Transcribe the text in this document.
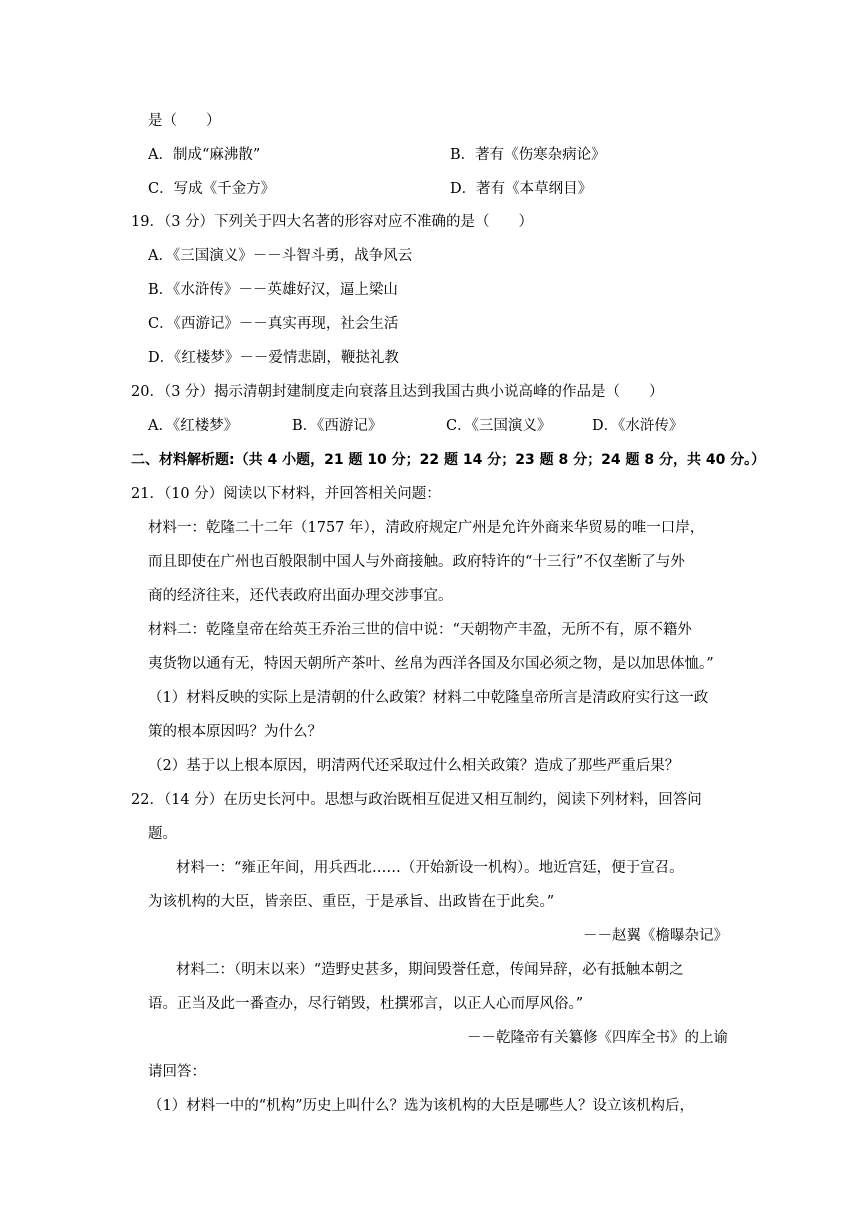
是（　　）
A．制成“麻沸散”	B．著有《伤寒杂病论》
C．写成《千金方》	D．著有《本草纲目》
19．（3 分）下列关于四大名著的形容对应不准确的是（　　）
A．《三国演义》－－斗智斗勇，战争风云
B．《水浒传》－－英雄好汉，逼上梁山
C．《西游记》－－真实再现，社会生活
D．《红楼梦》－－爱情悲剧，鞭挞礼教
20．（3 分）揭示清朝封建制度走向衰落且达到我国古典小说高峰的作品是（　　）
A．《红楼梦》	B．《西游记》	C．《三国演义》	D．《水浒传》
二、材料解析题:（共 4 小题，21 题 10 分；22 题 14 分；23 题 8 分；24 题 8 分，共 40 分。）
21．（10 分）阅读以下材料，并回答相关问题：
材料一：乾隆二十二年（1757 年），清政府规定广州是允许外商来华贸易的唯一口岸，
而且即使在广州也百般限制中国人与外商接触。政府特许的“十三行”不仅垄断了与外
商的经济往来，还代表政府出面办理交涉事宜。
材料二：乾隆皇帝在给英王乔治三世的信中说：“天朝物产丰盈，无所不有，原不籍外
夷货物以通有无，特因天朝所产茶叶、丝帛为西洋各国及尔国必须之物，是以加思体恤。”
（1）材料反映的实际上是清朝的什么政策？材料二中乾隆皇帝所言是清政府实行这一政
策的根本原因吗？为什么？
（2）基于以上根本原因，明清两代还采取过什么相关政策？造成了那些严重后果？
22．（14 分）在历史长河中。思想与政治既相互促进又相互制约，阅读下列材料，回答问
题。
材料一：“雍正年间，用兵西北……（开始新设一机构）。地近宫廷，便于宣召。
为该机构的大臣，皆亲臣、重臣，于是承旨、出政皆在于此矣。”
－－赵翼《檐曝杂记》
材料二：（明末以来）“造野史甚多，期间毁誉任意，传闻异辞，必有抵触本朝之
语。正当及此一番查办，尽行销毁，杜撰邪言，以正人心而厚风俗。”
－－乾隆帝有关纂修《四库全书》的上谕
请回答：
（1）材料一中的“机构”历史上叫什么？选为该机构的大臣是哪些人？设立该机构后，
